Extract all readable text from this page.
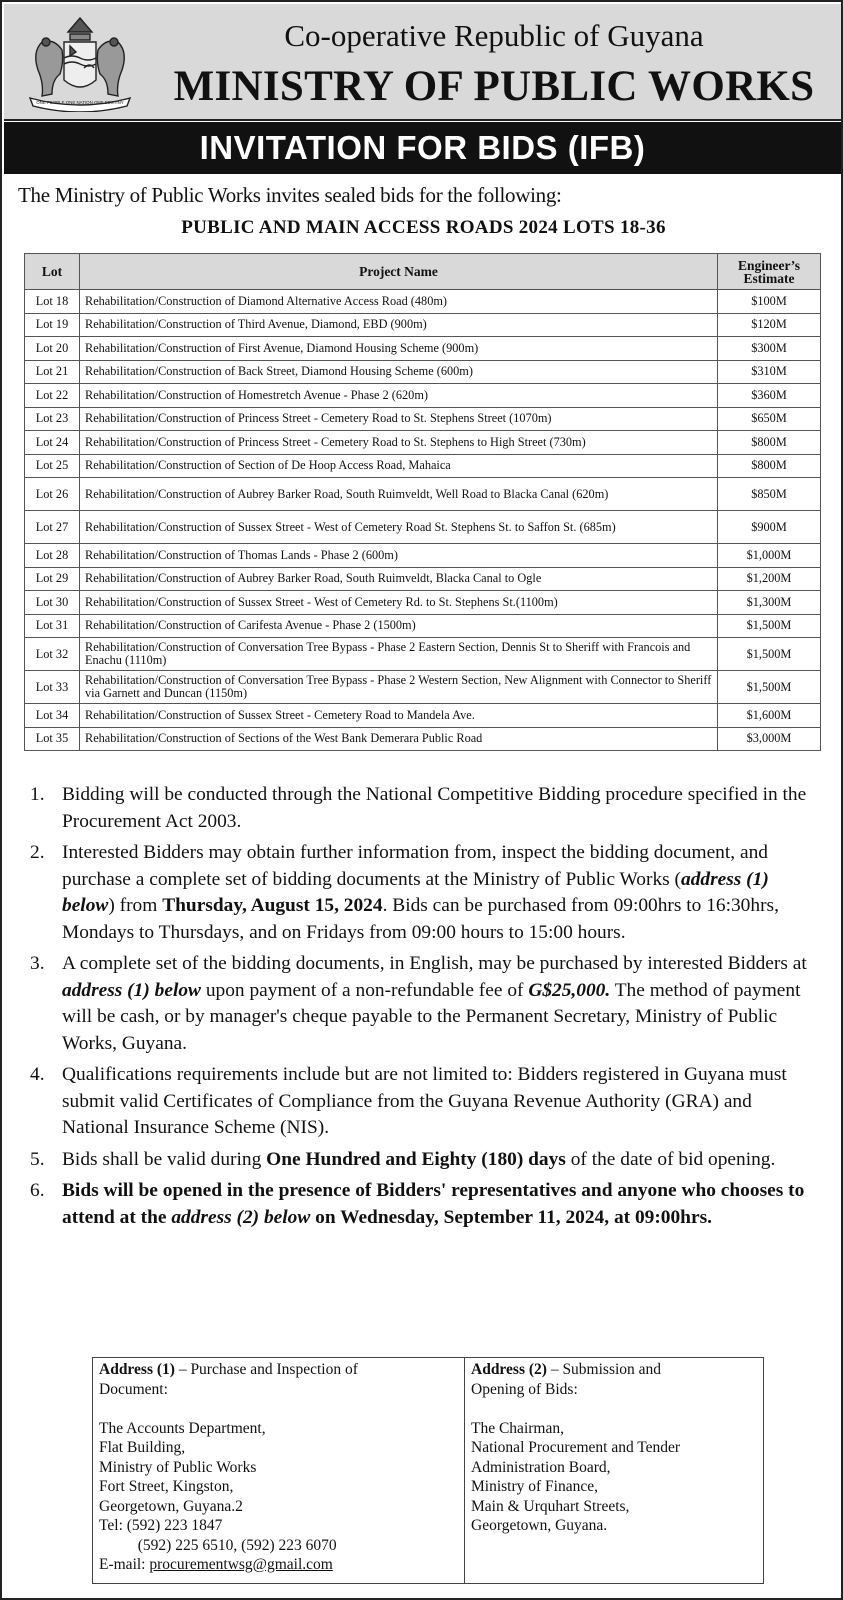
ONE PEOPLE ONE NATION ONE DESTINY
Co-operative Republic of Guyana
MINISTRY OF PUBLIC WORKS
INVITATION FOR BIDS (IFB)
The Ministry of Public Works invites sealed bids for the following:
PUBLIC AND MAIN ACCESS ROADS 2024 LOTS 18-36
Lot	Project Name	Engineer’s
Estimate
Lot 18	Rehabilitation/Construction of Diamond Alternative Access Road (480m)	$100M
Lot 19	Rehabilitation/Construction of Third Avenue, Diamond, EBD (900m)	$120M
Lot 20	Rehabilitation/Construction of First Avenue, Diamond Housing Scheme (900m)	$300M
Lot 21	Rehabilitation/Construction of Back Street, Diamond Housing Scheme (600m)	$310M
Lot 22	Rehabilitation/Construction of Homestretch Avenue - Phase 2 (620m)	$360M
Lot 23	Rehabilitation/Construction of Princess Street - Cemetery Road to St. Stephens Street (1070m)	$650M
Lot 24	Rehabilitation/Construction of Princess Street - Cemetery Road to St. Stephens to High Street (730m)	$800M
Lot 25	Rehabilitation/Construction of Section of De Hoop Access Road, Mahaica	$800M
Lot 26	Rehabilitation/Construction of Aubrey Barker Road, South Ruimveldt, Well Road to Blacka Canal (620m)	$850M
Lot 27	Rehabilitation/Construction of Sussex Street - West of Cemetery Road St. Stephens St. to Saffon St. (685m)	$900M
Lot 28	Rehabilitation/Construction of Thomas Lands - Phase 2 (600m)	$1,000M
Lot 29	Rehabilitation/Construction of Aubrey Barker Road, South Ruimveldt, Blacka Canal to Ogle	$1,200M
Lot 30	Rehabilitation/Construction of Sussex Street - West of Cemetery Rd. to St. Stephens St.(1100m)	$1,300M
Lot 31	Rehabilitation/Construction of Carifesta Avenue - Phase 2 (1500m)	$1,500M
Lot 32	Rehabilitation/Construction of Conversation Tree Bypass - Phase 2 Eastern Section, Dennis St to Sheriff with Francois and Enachu (1110m)	$1,500M
Lot 33	Rehabilitation/Construction of Conversation Tree Bypass - Phase 2 Western Section, New Alignment with Connector to Sheriff via Garnett and Duncan (1150m)	$1,500M
Lot 34	Rehabilitation/Construction of Sussex Street - Cemetery Road to Mandela Ave.	$1,600M
Lot 35	Rehabilitation/Construction of Sections of the West Bank Demerara Public Road	$3,000M
1. Bidding will be conducted through the National Competitive Bidding procedure specified in the Procurement Act 2003.
2. Interested Bidders may obtain further information from, inspect the bidding document, and purchase a complete set of bidding documents at the Ministry of Public Works (address (1) below) from Thursday, August 15, 2024. Bids can be purchased from 09:00hrs to 16:30hrs, Mondays to Thursdays, and on Fridays from 09:00 hours to 15:00 hours.
3. A complete set of the bidding documents, in English, may be purchased by interested Bidders at address (1) below upon payment of a non-refundable fee of G$25,000. The method of payment will be cash, or by manager's cheque payable to the Permanent Secretary, Ministry of Public Works, Guyana.
4. Qualifications requirements include but are not limited to: Bidders registered in Guyana must submit valid Certificates of Compliance from the Guyana Revenue Authority (GRA) and National Insurance Scheme (NIS).
5. Bids shall be valid during One Hundred and Eighty (180) days of the date of bid opening.
6. Bids will be opened in the presence of Bidders' representatives and anyone who chooses to attend at the address (2) below on Wednesday, September 11, 2024, at 09:00hrs.
Address (1) – Purchase and Inspection of
Document:

The Accounts Department,
Flat Building,
Ministry of Public Works
Fort Street, Kingston,
Georgetown, Guyana.2
Tel: (592) 223 1847
(592) 225 6510, (592) 223 6070
E-mail: procurementwsg@gmail.com
Address (2) – Submission and
Opening of Bids:

The Chairman,
National Procurement and Tender
Administration Board,
Ministry of Finance,
Main & Urquhart Streets,
Georgetown, Guyana.
